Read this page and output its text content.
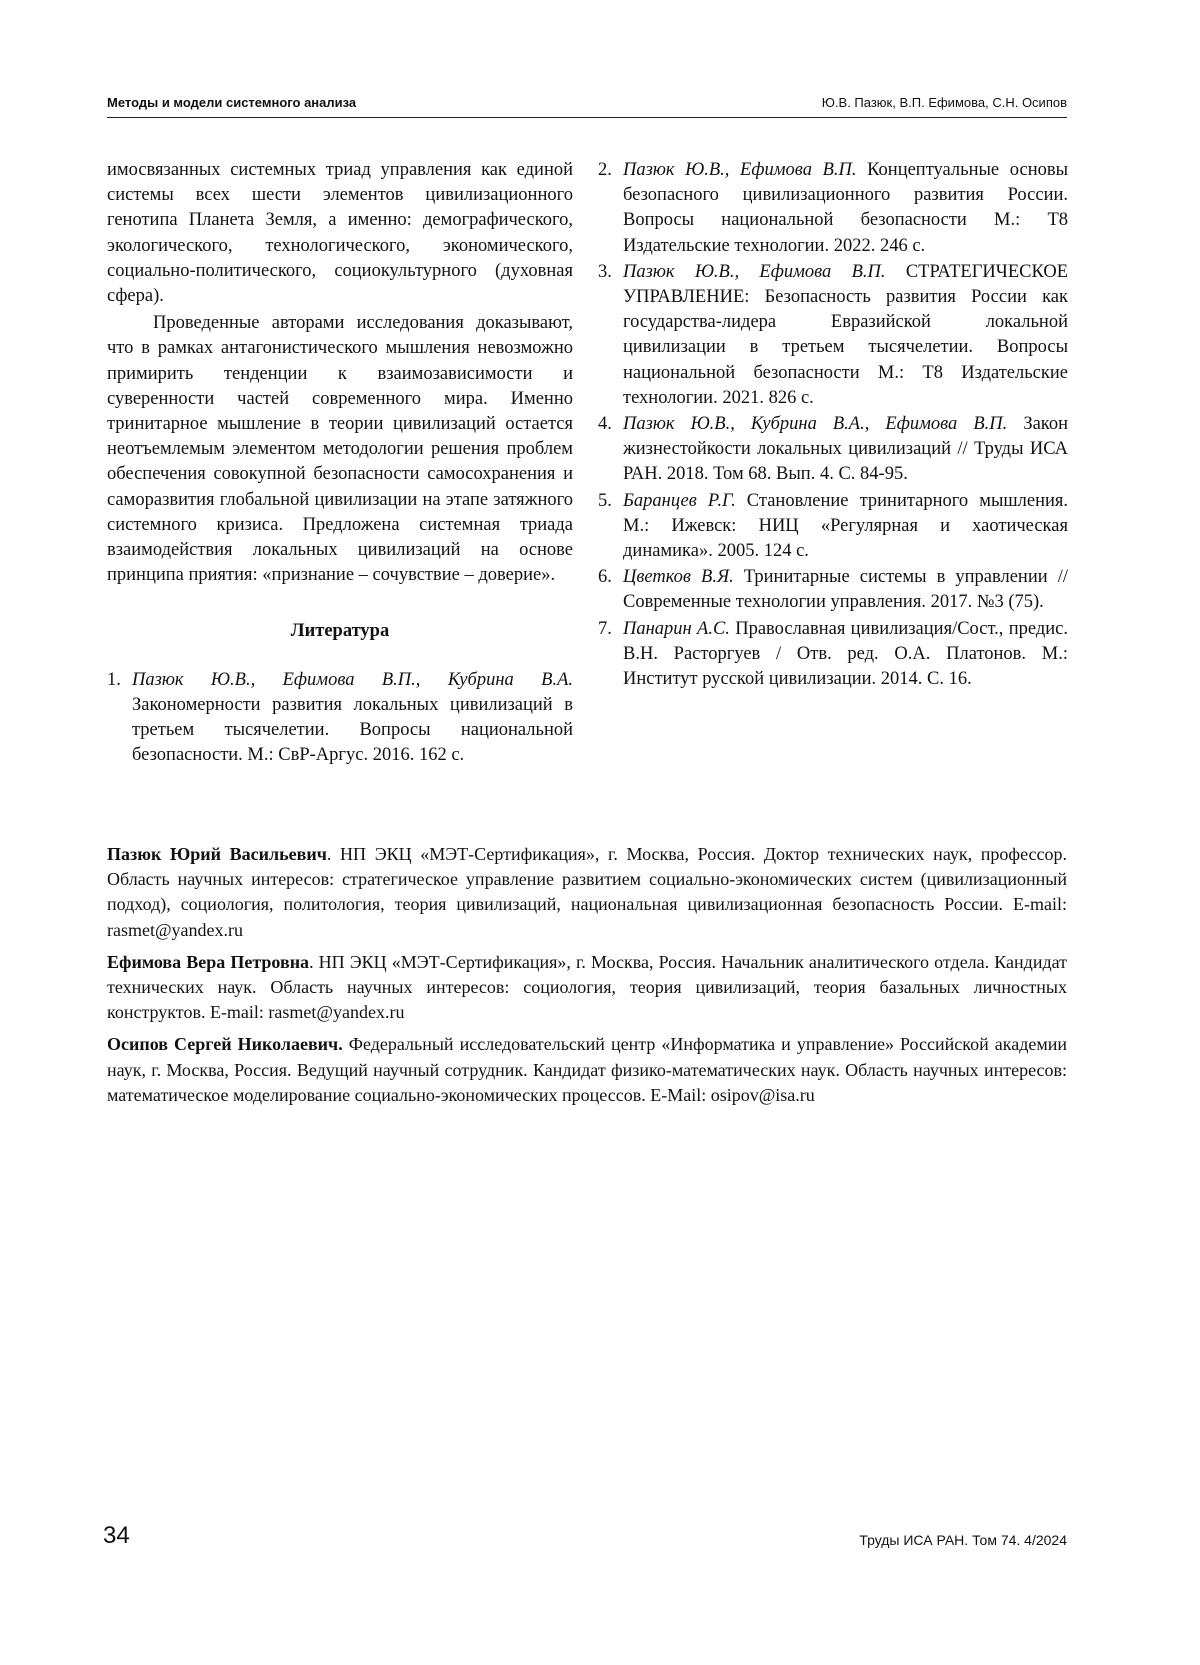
Методы и модели системного анализа	Ю.В. Пазюк, В.П. Ефимова, С.Н. Осипов

имосвязанных системных триад управления как единой системы всех шести элементов цивилизационного генотипа Планета Земля, а именно: демографического, экологического, технологического, экономического, социально-политического, социокультурного (духовная сфера).

Проведенные авторами исследования доказывают, что в рамках антагонистического мышления невозможно примирить тенденции к взаимозависимости и суверенности частей современного мира. Именно тринитарное мышление в теории цивилизаций остается неотъемлемым элементом методологии решения проблем обеспечения совокупной безопасности самосохранения и саморазвития глобальной цивилизации на этапе затяжного системного кризиса. Предложена системная триада взаимодействия локальных цивилизаций на основе принципа приятия: «признание – сочувствие – доверие».

Литература
1. Пазюк Ю.В., Ефимова В.П., Кубрина В.А. Закономерности развития локальных цивилизаций в третьем тысячелетии. Вопросы национальной безопасности. М.: СвР-Аргус. 2016. 162 с.
2. Пазюк Ю.В., Ефимова В.П. Концептуальные основы безопасного цивилизационного развития России. Вопросы национальной безопасности М.: Т8 Издательские технологии. 2022. 246 с.
3. Пазюк Ю.В., Ефимова В.П. СТРАТЕГИЧЕСКОЕ УПРАВЛЕНИЕ: Безопасность развития России как государства-лидера Евразийской локальной цивилизации в третьем тысячелетии. Вопросы национальной безопасности М.: Т8 Издательские технологии. 2021. 826 с.
4. Пазюк Ю.В., Кубрина В.А., Ефимова В.П. Закон жизнестойкости локальных цивилизаций // Труды ИСА РАН. 2018. Том 68. Вып. 4. С. 84-95.
5. Баранцев Р.Г. Становление тринитарного мышления. М.: Ижевск: НИЦ «Регулярная и хаотическая динамика». 2005. 124 с.
6. Цветков В.Я. Тринитарные системы в управлении //Современные технологии управления. 2017. №3 (75).
7. Панарин А.С. Православная цивилизация/Сост., предис. В.Н. Расторгуев / Отв. ред. О.А. Платонов. М.: Институт русской цивилизации. 2014. С. 16.

Пазюк Юрий Васильевич. НП ЭКЦ «МЭТ-Сертификация», г. Москва, Россия. Доктор технических наук, профессор. Область научных интересов: стратегическое управление развитием социально-экономических систем (цивилизационный подход), социология, политология, теория цивилизаций, национальная цивилизационная безопасность России. E-mail: rasmet@yandex.ru

Ефимова Вера Петровна. НП ЭКЦ «МЭТ-Сертификация», г. Москва, Россия. Начальник аналитического отдела. Кандидат технических наук. Область научных интересов: социология, теория цивилизаций, теория базальных личностных конструктов. E-mail: rasmet@yandex.ru

Осипов Сергей Николаевич. Федеральный исследовательский центр «Информатика и управление» Российской академии наук, г. Москва, Россия. Ведущий научный сотрудник. Кандидат физико-математических наук. Область научных интересов: математическое моделирование социально-экономических процессов. E-Mail: osipov@isa.ru

34	Труды ИСА РАН. Том 74. 4/2024
